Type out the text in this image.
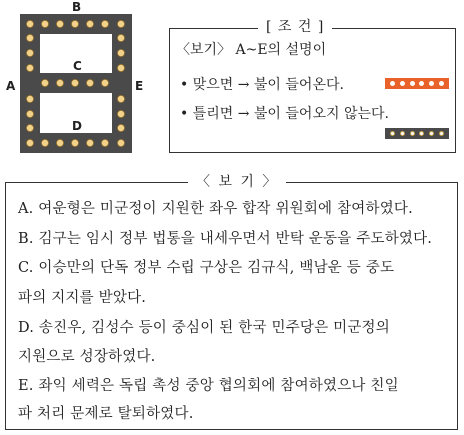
B
C
A	E
D
[ 조 건 ]
〈보기〉 A~E의 설명이
• 맞으면 → 불이 들어온다.
• 틀리면 → 불이 들어오지 않는다.
〈 보 기 〉
A. 여운형은 미군정이 지원한 좌우 합작 위원회에 참여하였다.
B. 김구는 임시 정부 법통을 내세우면서 반탁 운동을 주도하였다.
C. 이승만의 단독 정부 수립 구상은 김규식, 백남운 등 중도
파의 지지를 받았다.
D. 송진우, 김성수 등이 중심이 된 한국 민주당은 미군정의
지원으로 성장하였다.
E. 좌익 세력은 독립 촉성 중앙 협의회에 참여하였으나 친일
파 처리 문제로 탈퇴하였다.
